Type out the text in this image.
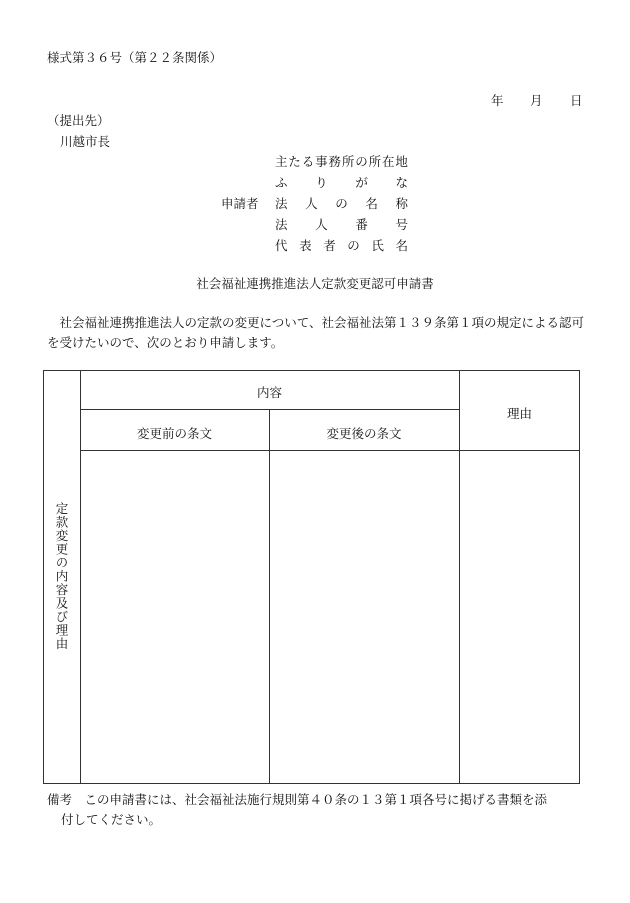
様式第３６号（第２２条関係）
年 月 日
（提出先）
川越市長
申請者
主 た る 事 務 所 の 所 在 地
ふ り が な
法 人 の 名 称
法 人 番 号
代 表 者 の 氏 名
社会福祉連携推進法人定款変更認可申請書
社会福祉連携推進法人の定款の変更について、社会福祉法第１３９条第１項の規定による認可を受けたいので、次のとおり申請します。
定款変更の内容及び理由
内容
変更前の条文	変更後の条文
理由
備考　この申請書には、社会福祉法施行規則第４０条の１３第１項各号に掲げる書類を添
付してください。
